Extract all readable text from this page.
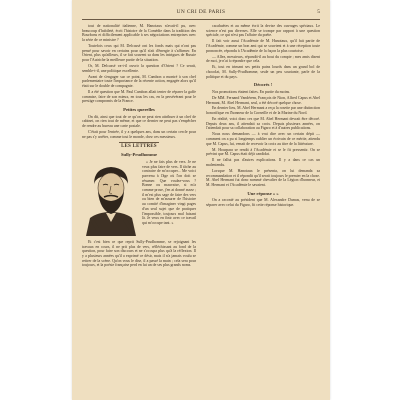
UN CRI DE PARIS	5

tout de nationalité italienne, M. Hanotaux n'avait-il pu, avec beaucoup d'habileté, écrit l'histoire de la Comédie dans la tradition des Bourbons et difficilement applicable à ses négociations entreprises avec la série de ce ministre ?

Toutefois ceux qui M. Delcassé ont les fonds mais qui n'ont pas pensé pour savoir en certains pour qu'il n'ait d'énergie à s'affirmer. En Orient, plus qu'ailleurs, il se fait souvent sa dans les intrigues de Russie pour l'Autriche la meilleure partie de la situation.

Or, M. Delcassé va-t-il ouvrir la question d'Orient ? Ce serait, semble-t-il, une politique excellente.

Avant de s'engager sur ce point, M. Cambon a montré à son chef parlementaire toute l'importance de la récente action, engagée alors qu'il était sur le double de compagnie.

Il a été question que M. Paul Cambon allait tenter de réparer la gaffe commise, faire de son mieux, en tous les cas, en la persévérant pour le prestige compromis de la France.

Petites querelles

On dit, ainsi que tout de ce qu'on ne peut rien attribuer à un chef de cabinet, on rien tout de même, et que ce dernier ne peut pas s'empêcher de rendre au bureau une carte postale.

C'était pour l'entrée, il y a quelques ans, dans un certain cercle pour ne pas s'y arrêter, comme tout le monde, chez ces messieurs.

LES LETTRES
Sully-Prudhomme
« Je ne fais plus de vers. Je ne veux plus faire de vers. Il tâche au contraire de m'occuper... Me voici parvenu à l'âge où l'on doit se résumer. Que voulez-vous ? Bonne ou mauvaise, si m'a comme prose, j'en ai donné assez ; il m'est plus sage de faire des vers ou bien de m'assurer de l'histoire au comité d'imaginer vingt pages d'un seul sujet que de pratiquer l'impossible, toujours mal faisant là. Je veux en finir avec ce travail qui m'occupe tant. »

Et c'est bien ce que reprit Sully-Prudhomme, se rejoignant les travaux en cours, il ne prit plus de vers, réfléchissant au fond de la question, pour faire son discours et ne s'occupa plus qu'à la réflexion. Il y a plusieurs années qu'il a exprimé ce désir, mais il n'a jamais voulu se retirer de la scène. Qu'on vous le dise, il a passé la main ; cela sera pour toujours, et la poésie française perd en lui un de ses plus grands noms.

cacahuètes et au même écrit la devise des ouvrages spéciaux. Le science n'est pas diverses. Elle se trompe par rapport à une question spéciale, ce qui n'est pas l'affaire du poète.

Il fait voir aussi l'Académie de M. Hanotaux, qu'il fait partie de l'Académie, comme un bon ami qui se souvient et à une réception toute prononcée, répondu à l'Académie de la façon la plus courtoise.

— Allez, messieurs, répondit-il au bout du compte ; mes amis disent de moi, je n'ai à répondre que cela.

Et, tout en trimant ses petits pains lourds dans un grand bol de chocolat, M. Sully-Prudhomme, seule un peu souriante, parle de la politique et du pays.

Décorés !

Nos promotions étaient faites. En partie du moins.

De MM. Fernand Vandérem, François de Nion, Alfred Capus et Abel Hermant, M. Abel Hermant, seul, a été décoré quelque chose.

En dernier lieu, M. Abel Hermant a reçu la rosette par une distinction honorifique en l'honneur de la Corneille et de la Marine du Nord.

En réalité, voici donc ces que M. Abel Hermant devrait être décoré. Depuis deux ans, il attendait sa croix. Depuis plusieurs années, on l'attendait pour sa collaboration au Figaro et à d'autres publications.

Nous nous demandons — à vrai dire avec un certain dépit — comment on a pu si longtemps oublier un écrivain de ce mérite, attendu que M. Capus, lui, venait de recevoir la croix au titre de la littérature.

M. Hourpara se rendit à l'Académie et se le fit pressentir. On se prévint que M. Capus était déjà candidat.

Il ne fallut pas d'autres explications. Il y a dans ce cas un malentendu.

Lorsque M. Hanotaux le présenta, on lui demanda sa recommandation et il répondit qu'il serait toujours le premier en la chose. M. Abel Hermant fut donc nommé chevalier de la Légion d'honneur, et M. Hermant et l'Académie le savaient.

Une réponse « »

On a raconté au président que M. Alexandre Dumas, venu de se séparer avec celui du Figaro, fit cette réponse historique.
